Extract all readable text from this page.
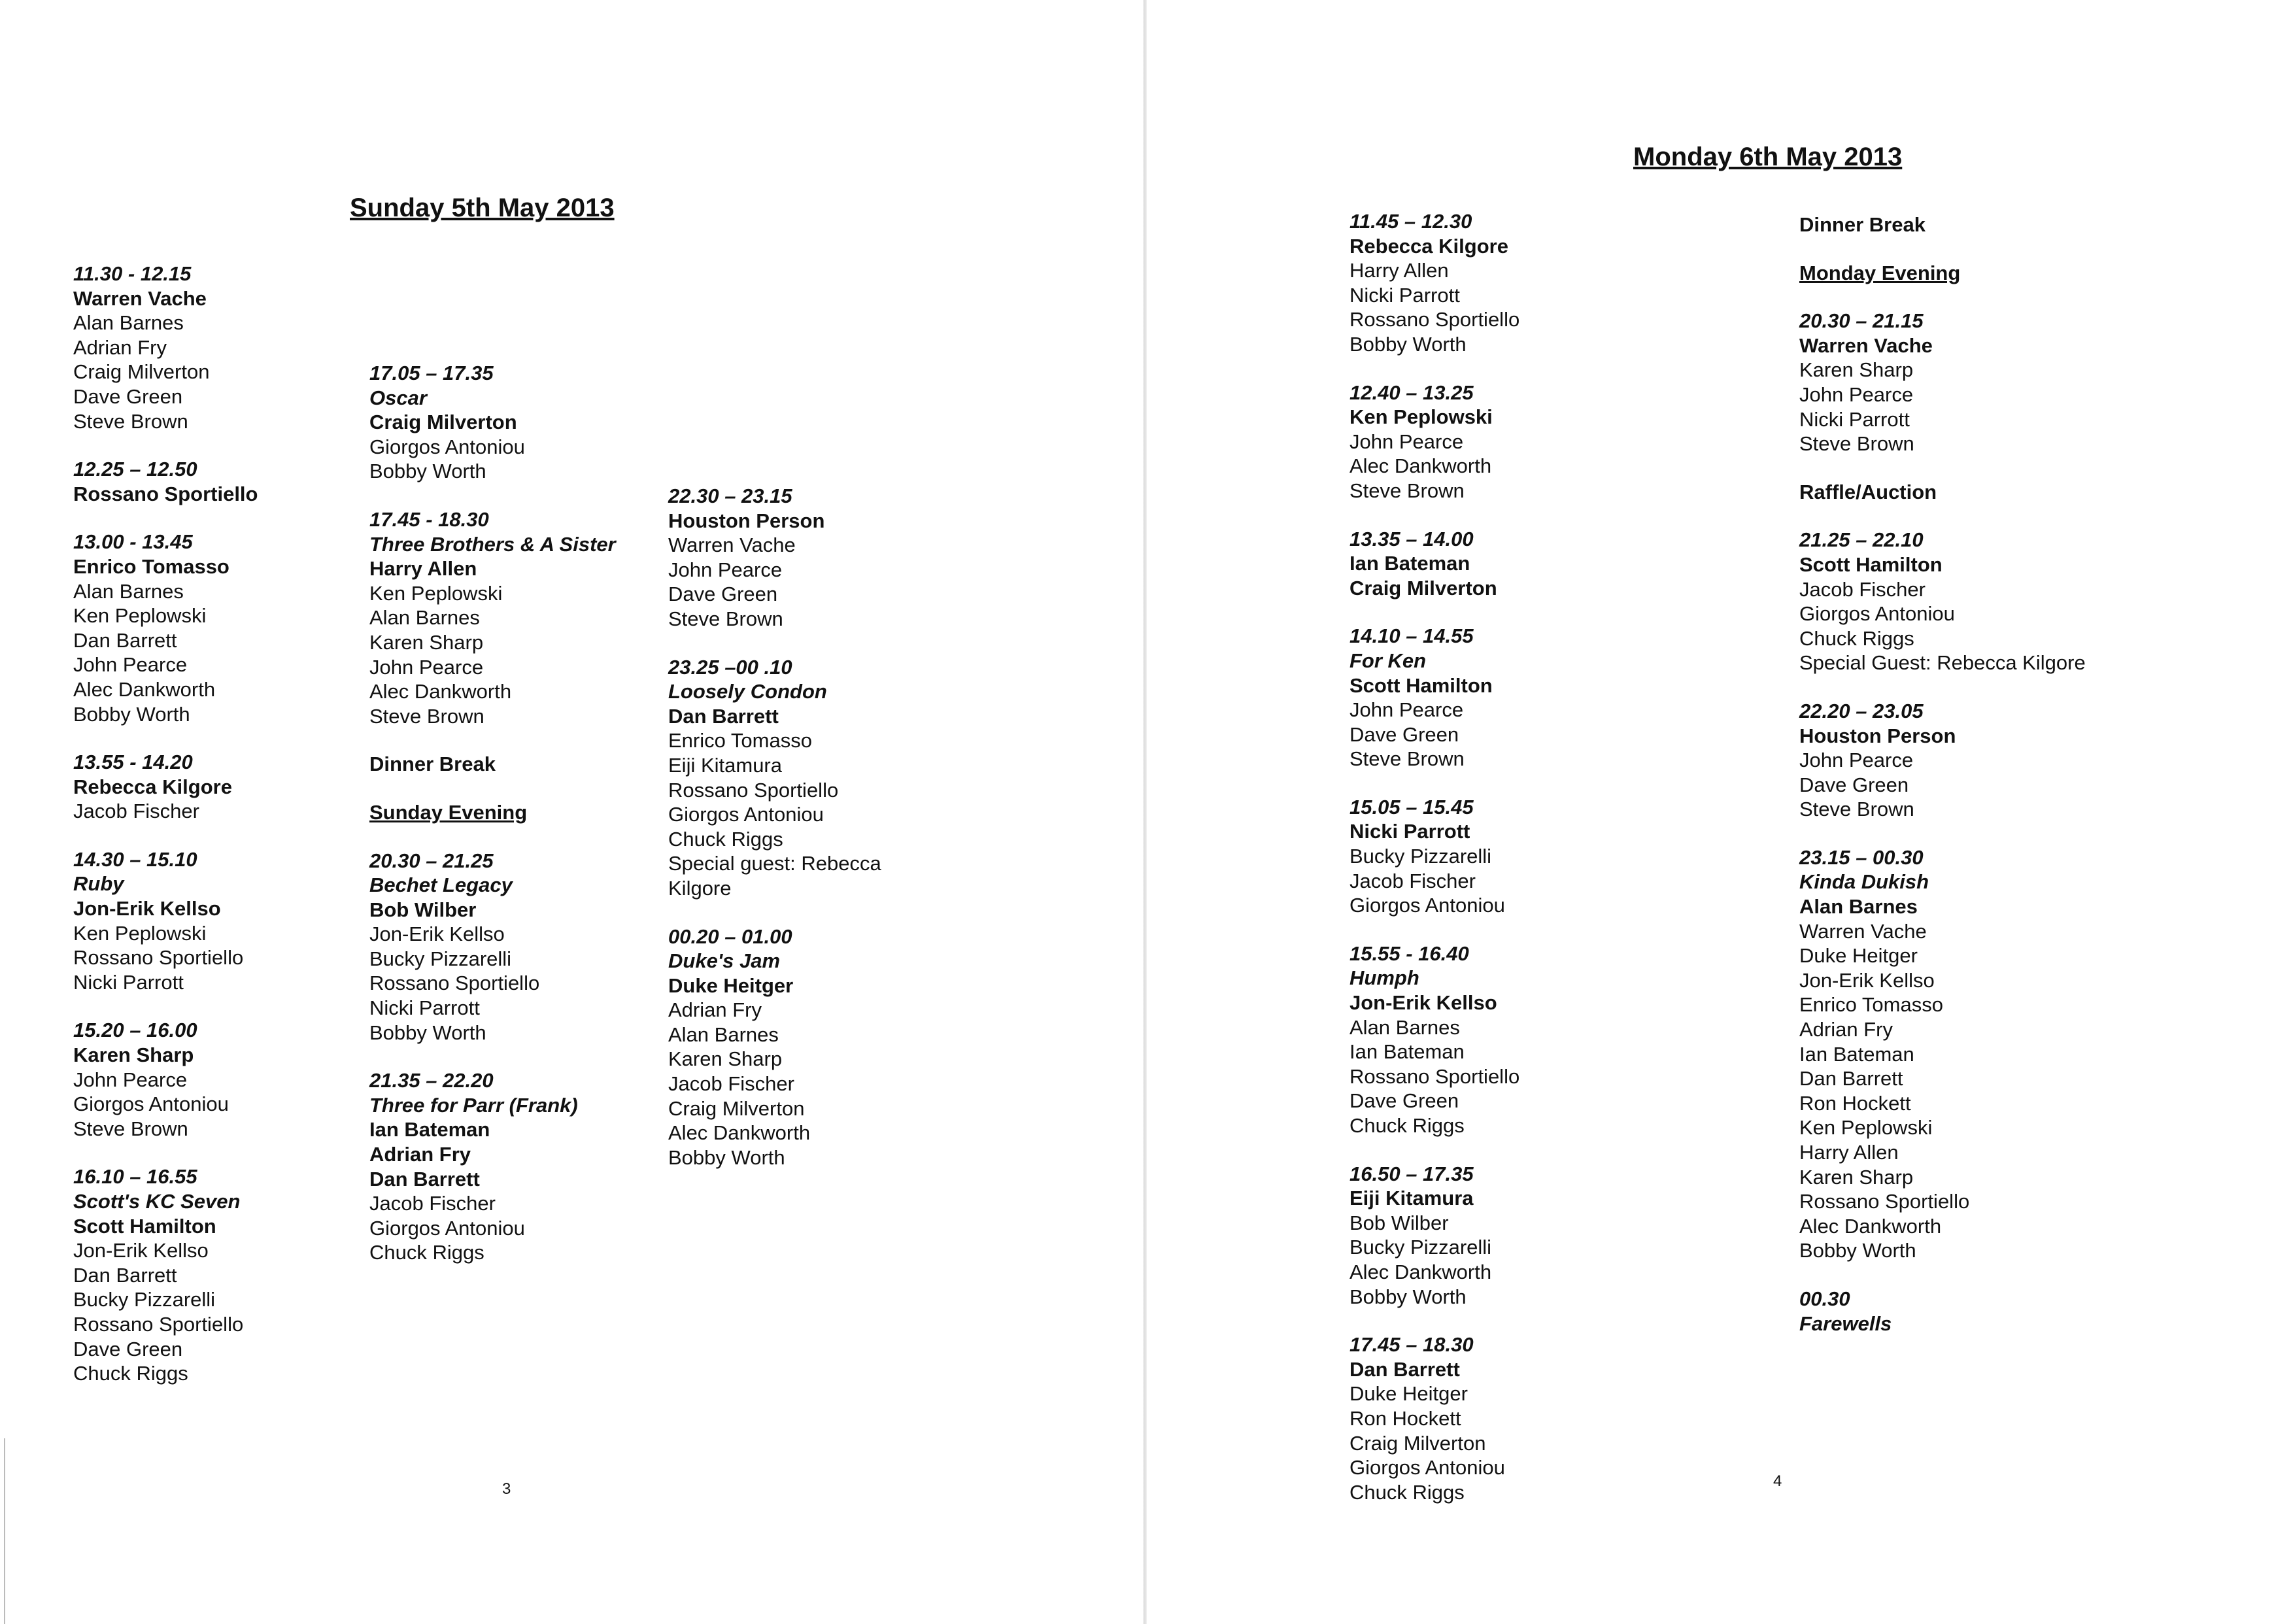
Sunday 5th May 2013
11.30 - 12.15
Warren Vache
Alan Barnes
Adrian Fry
Craig Milverton
Dave Green
Steve Brown
12.25 – 12.50
Rossano Sportiello
13.00 - 13.45
Enrico Tomasso
Alan Barnes
Ken Peplowski
Dan Barrett
John Pearce
Alec Dankworth
Bobby Worth
13.55 - 14.20
Rebecca Kilgore
Jacob Fischer
14.30 – 15.10
Ruby
Jon-Erik Kellso
Ken Peplowski
Rossano Sportiello
Nicki Parrott
15.20 – 16.00
Karen Sharp
John Pearce
Giorgos Antoniou
Steve Brown
16.10 – 16.55
Scott's KC Seven
Scott Hamilton
Jon-Erik Kellso
Dan Barrett
Bucky Pizzarelli
Rossano Sportiello
Dave Green
Chuck Riggs
17.05 – 17.35
Oscar
Craig Milverton
Giorgos Antoniou
Bobby Worth
17.45 - 18.30
Three Brothers & A Sister
Harry Allen
Ken Peplowski
Alan Barnes
Karen Sharp
John Pearce
Alec Dankworth
Steve Brown
Dinner Break
Sunday Evening
20.30 – 21.25
Bechet Legacy
Bob Wilber
Jon-Erik Kellso
Bucky Pizzarelli
Rossano Sportiello
Nicki Parrott
Bobby Worth
21.35 – 22.20
Three for Parr (Frank)
Ian Bateman
Adrian Fry
Dan Barrett
Jacob Fischer
Giorgos Antoniou
Chuck Riggs
22.30 – 23.15
Houston Person
Warren Vache
John Pearce
Dave Green
Steve Brown
23.25 –00 .10
Loosely Condon
Dan Barrett
Enrico Tomasso
Eiji Kitamura
Rossano Sportiello
Giorgos Antoniou
Chuck Riggs
Special guest: Rebecca
Kilgore
00.20 – 01.00
Duke's Jam
Duke Heitger
Adrian Fry
Alan Barnes
Karen Sharp
Jacob Fischer
Craig Milverton
Alec Dankworth
Bobby Worth
3
Monday 6th May 2013
11.45 – 12.30
Rebecca Kilgore
Harry Allen
Nicki Parrott
Rossano Sportiello
Bobby Worth
12.40 – 13.25
Ken Peplowski
John Pearce
Alec Dankworth
Steve Brown
13.35 – 14.00
Ian Bateman
Craig Milverton
14.10 – 14.55
For Ken
Scott Hamilton
John Pearce
Dave Green
Steve Brown
15.05 – 15.45
Nicki Parrott
Bucky Pizzarelli
Jacob Fischer
Giorgos Antoniou
15.55 - 16.40
Humph
Jon-Erik Kellso
Alan Barnes
Ian Bateman
Rossano Sportiello
Dave Green
Chuck Riggs
16.50 – 17.35
Eiji Kitamura
Bob Wilber
Bucky Pizzarelli
Alec Dankworth
Bobby Worth
17.45 – 18.30
Dan Barrett
Duke Heitger
Ron Hockett
Craig Milverton
Giorgos Antoniou
Chuck Riggs
Dinner Break
Monday Evening
20.30 – 21.15
Warren Vache
Karen Sharp
John Pearce
Nicki Parrott
Steve Brown
Raffle/Auction
21.25 – 22.10
Scott Hamilton
Jacob Fischer
Giorgos Antoniou
Chuck Riggs
Special Guest: Rebecca Kilgore
22.20 – 23.05
Houston Person
John Pearce
Dave Green
Steve Brown
23.15 – 00.30
Kinda Dukish
Alan Barnes
Warren Vache
Duke Heitger
Jon-Erik Kellso
Enrico Tomasso
Adrian Fry
Ian Bateman
Dan Barrett
Ron Hockett
Ken Peplowski
Harry Allen
Karen Sharp
Rossano Sportiello
Alec Dankworth
Bobby Worth
00.30
Farewells
4
